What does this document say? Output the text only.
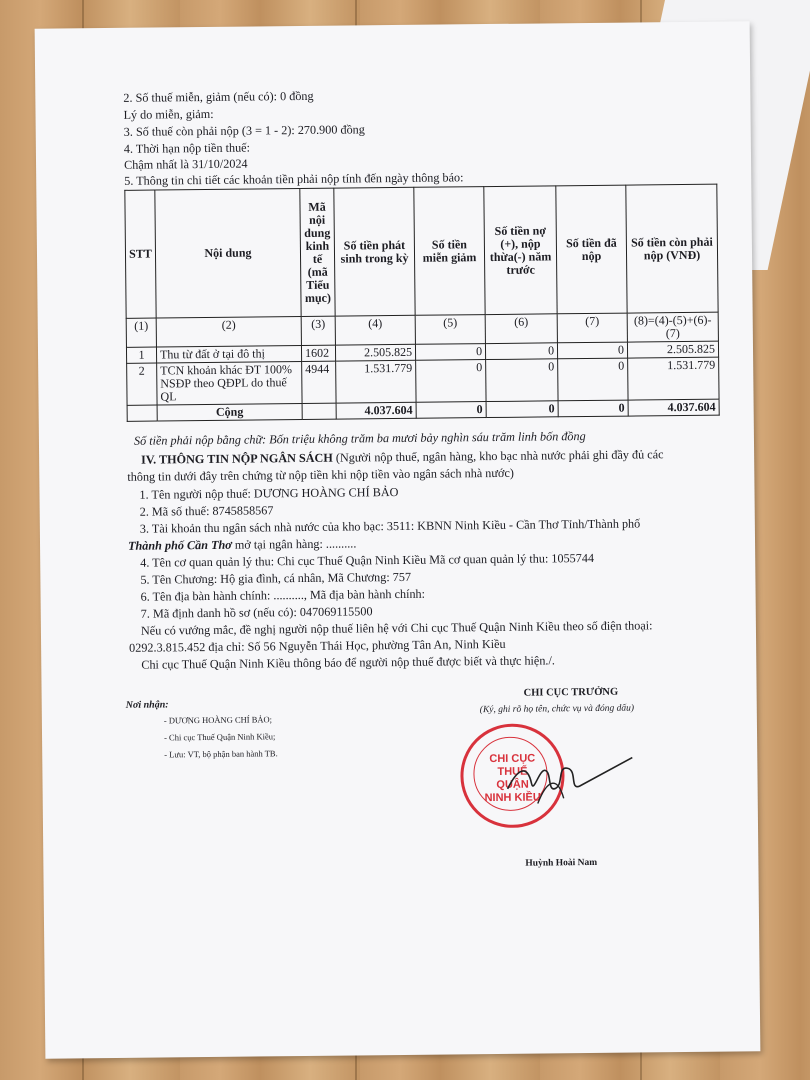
2. Số thuế miễn, giảm (nếu có): 0 đồng
Lý do miễn, giảm:
3. Số thuế còn phải nộp (3 = 1 - 2): 270.900 đồng
4. Thời hạn nộp tiền thuế:
Chậm nhất là 31/10/2024
5. Thông tin chi tiết các khoản tiền phải nộp tính đến ngày thông báo:
STT	Nội dung	Mã nội dung kinh tế (mã Tiểu mục)	Số tiền phát sinh trong kỳ	Số tiền miễn giảm	Số tiền nợ (+), nộp thừa(-) năm trước	Số tiền đã nộp	Số tiền còn phải nộp (VNĐ)
(1)	(2)	(3)	(4)	(5)	(6)	(7)	(8)=(4)-(5)+(6)-(7)
1	Thu từ đất ở tại đô thị	1602	2.505.825	0	0	0	2.505.825
2	TCN khoản khác ĐT 100% NSĐP theo QĐPL do thuế QL	4944	1.531.779	0	0	0	1.531.779
	Cộng		4.037.604	0	0	0	4.037.604
Số tiền phải nộp bằng chữ: Bốn triệu không trăm ba mươi bảy nghìn sáu trăm linh bốn đồng
IV. THÔNG TIN NỘP NGÂN SÁCH (Người nộp thuế, ngân hàng, kho bạc nhà nước phải ghi đầy đủ các
thông tin dưới đây trên chứng từ nộp tiền khi nộp tiền vào ngân sách nhà nước)
1. Tên người nộp thuế: DƯƠNG HOÀNG CHÍ BẢO
2. Mã số thuế: 8745858567
3. Tài khoản thu ngân sách nhà nước của kho bạc: 3511: KBNN Ninh Kiều - Cần Thơ Tỉnh/Thành phố
Thành phố Cần Thơ mở tại ngân hàng: ..........
4. Tên cơ quan quản lý thu: Chi cục Thuế Quận Ninh Kiều Mã cơ quan quản lý thu: 1055744
5. Tên Chương: Hộ gia đình, cá nhân, Mã Chương: 757
6. Tên địa bàn hành chính: .........., Mã địa bàn hành chính:
7. Mã định danh hồ sơ (nếu có): 047069115500
Nếu có vướng mắc, đề nghị người nộp thuế liên hệ với Chi cục Thuế Quận Ninh Kiều theo số điện thoại:
0292.3.815.452 địa chỉ: Số 56 Nguyễn Thái Học, phường Tân An, Ninh Kiều
Chi cục Thuế Quận Ninh Kiều thông báo để người nộp thuế được biết và thực hiện./.
Nơi nhận:
- DƯƠNG HOÀNG CHÍ BẢO;
- Chi cục Thuế Quận Ninh Kiều;
- Lưu: VT, bộ phận ban hành TB.
CHI CỤC TRƯỞNG
(Ký, ghi rõ họ tên, chức vụ và đóng dấu)
CHI CỤC
THUẾ
QUẬN
NINH KIỀU
Huỳnh Hoài Nam
